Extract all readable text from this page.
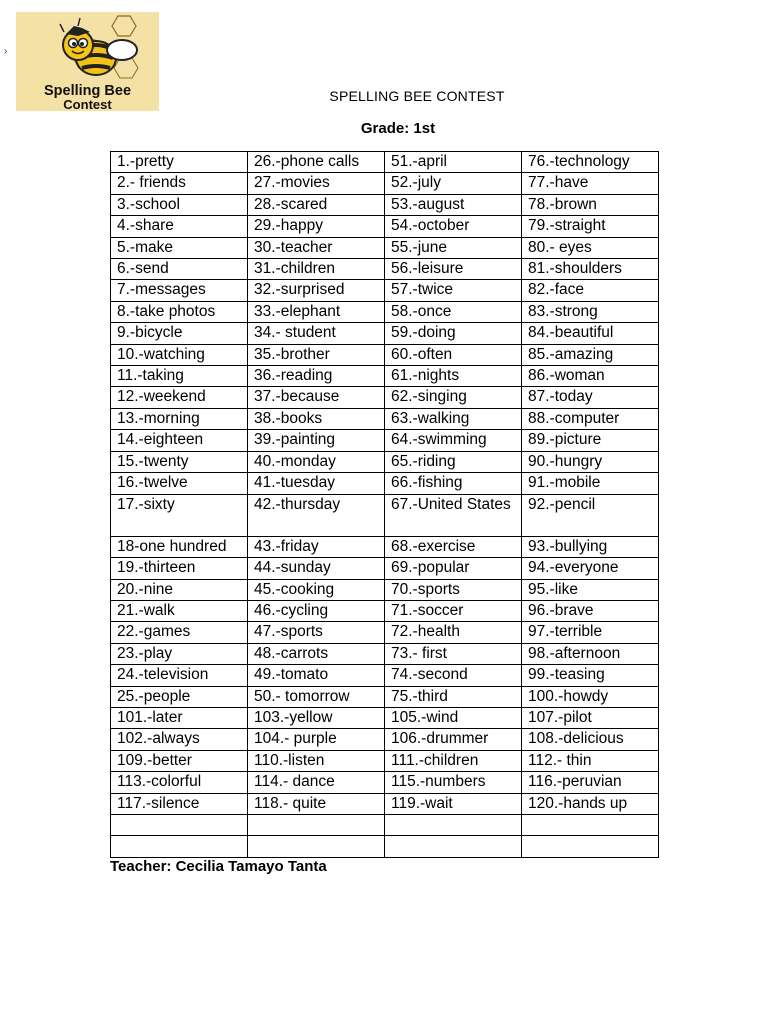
Spelling Bee
Contest
›
SPELLING BEE CONTEST
Grade: 1st
1.-pretty	26.-phone calls	51.-april	76.-technology
2.- friends	27.-movies	52.-july	77.-have
3.-school	28.-scared	53.-august	78.-brown
4.-share	29.-happy	54.-october	79.-straight
5.-make	30.-teacher	55.-june	80.- eyes
6.-send	31.-children	56.-leisure	81.-shoulders
7.-messages	32.-surprised	57.-twice	82.-face
8.-take photos	33.-elephant	58.-once	83.-strong
9.-bicycle	34.- student	59.-doing	84.-beautiful
10.-watching	35.-brother	60.-often	85.-amazing
11.-taking	36.-reading	61.-nights	86.-woman
12.-weekend	37.-because	62.-singing	87.-today
13.-morning	38.-books	63.-walking	88.-computer
14.-eighteen	39.-painting	64.-swimming	89.-picture
15.-twenty	40.-monday	65.-riding	90.-hungry
16.-twelve	41.-tuesday	66.-fishing	91.-mobile
17.-sixty	42.-thursday	67.-United States	92.-pencil
18-one hundred	43.-friday	68.-exercise	93.-bullying
19.-thirteen	44.-sunday	69.-popular	94.-everyone
20.-nine	45.-cooking	70.-sports	95.-like
21.-walk	46.-cycling	71.-soccer	96.-brave
22.-games	47.-sports	72.-health	97.-terrible
23.-play	48.-carrots	73.- first	98.-afternoon
24.-television	49.-tomato	74.-second	99.-teasing
25.-people	50.- tomorrow	75.-third	100.-howdy
101.-later	103.-yellow	105.-wind	107.-pilot
102.-always	104.- purple	106.-drummer	108.-delicious
109.-better	110.-listen	111.-children	112.- thin
113.-colorful	114.- dance	115.-numbers	116.-peruvian
117.-silence	118.- quite	119.-wait	120.-hands up

Teacher: Cecilia Tamayo Tanta
